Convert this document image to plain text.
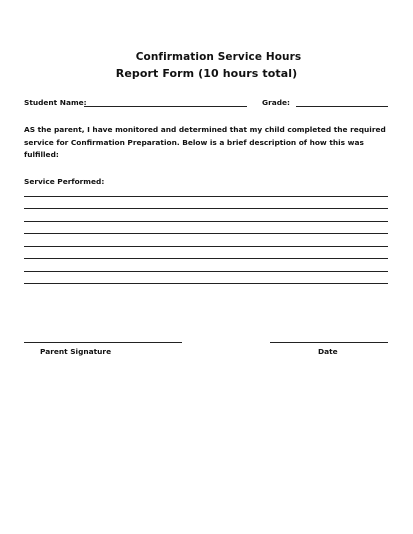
Confirmation Service Hours
Report Form (10 hours total)
Student Name:	Grade:
AS the parent, I have monitored and determined that my child completed the required service for Confirmation Preparation. Below is a brief description of how this was fulfilled:
Service Performed:
Parent Signature	Date
